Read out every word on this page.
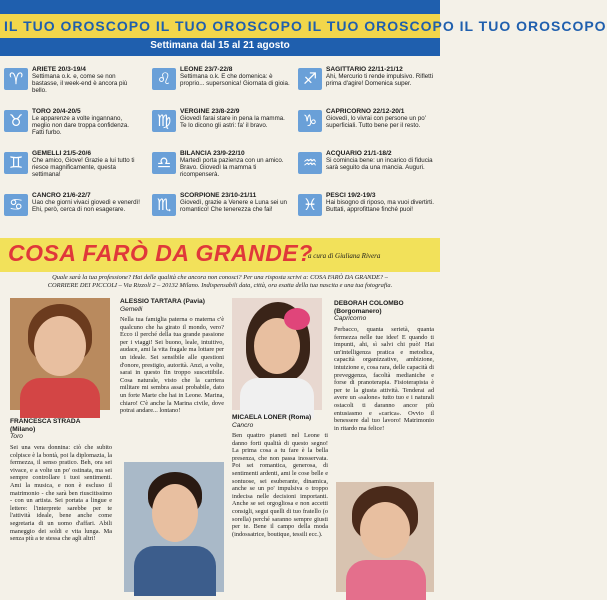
IL TUO OROSCOPO IL TUO OROSCOPO IL TUO OROSCOPO IL TUO OROSCOPO
Settimana dal 15 al 21 agosto
♈	ARIETE 20/3-19/4
Settimana o.k. e, come se non bastasse, il week-end è ancora più bello.
♉	TORO 20/4-20/5
Le apparenze a volte ingannano, meglio non dare troppa confidenza. Fatti furbo.
♊	GEMELLI 21/5-20/6
Che amico, Giove! Grazie a lui tutto ti riesce magnificamente, questa settimana!
♋	CANCRO 21/6-22/7
Uao che giorni vivaci giovedì e venerdì! Ehi, però, cerca di non esagerare.
♌	LEONE 23/7-22/8
Settimana o.k. E che domenica: è proprio... supersonica! Giornata di gioia.
♍	VERGINE 23/8-22/9
Giovedì farai stare in pena la mamma. Te lo dicono gli astri: fa' il bravo.
♎	BILANCIA 23/9-22/10
Martedì porta pazienza con un amico. Bravo. Giovedì la mamma ti ricompenserà.
♏	SCORPIONE 23/10-21/11
Giovedì, grazie a Venere e Luna sei un romantico! Che tenerezza che fai!
♐	SAGITTARIO 22/11-21/12
Ahi, Mercurio ti rende impulsivo. Rifletti prima d'agire! Domenica super.
♑	CAPRICORNO 22/12-20/1
Giovedì, lo vivrai con persone un po' superficiali. Tutto bene per il resto.
♒	ACQUARIO 21/1-18/2
Si comincia bene: un incarico di fiducia sarà seguito da una mancia. Auguri.
♓	PESCI 19/2-19/3
Hai bisogno di riposo, ma vuoi divertirti. Buttati, approfittane finché puoi!
COSA FARÒ DA GRANDE?
a cura di Giuliana Rivera
Quale sarà la tua professione? Hai delle qualità che ancora non conosci? Per una risposta scrivi a: COSA FARÒ DA GRANDE? – CORRIERE DEI PICCOLI – Via Rizzoli 2 – 20132 Milano. Indispensabili data, città, ora esatta della tua nascita e una tua fotografia.
FRANCESCA STRADA
(Milano)
Toro
Sei una vera donnina: ciò che subito colpisce è la bontà, poi la diplomazia, la fermezza, il senso pratico. Beh, ora sei vivace, e a volte un po' ostinata, ma sei sempre controllare i tuoi sentimenti. Ami la musica, e non è escluso il matrimonio - che sarà ben riuscitissimo - con un artista. Sei portata a lingue e lettere: l'interprete sarebbe per te l'attività ideale, bene anche come segretaria di un uomo d'affari. Abili maneggio dei soldi e vita lunga. Ma senza più a te stessa che agli altri!
ALESSIO TARTARA (Pavia)
Gemelli
Nella tua famiglia paterna o materna c'è qualcuno che ha girato il mondo, vero? Ecco il perché della tua grande passione per i viaggi! Sei buono, leale, intuitivo, audace, ami la vita fragale ma lottare per un ideale. Sei sensibile alle questioni d'onore, prestigio, autorità. Anzi, a volte, sarai in questo fin troppo suscettibile. Cosa naturale, visto che la carriera militare mi sembra assai probabile, dato un forte Marte che hai in Leone. Marina, chiaro! C'è anche la Marina civile, dove potrai andare... lontano!
MICAELA LONER (Roma)
Cancro
Ben quattro pianeti nel Leone ti danno forti qualità di questo segno! La prima cosa a tu fare è la bella presenza, che non passa inosservata. Poi sei romantica, generosa, di sentimenti ardenti, ami le cose belle e sontuose, sei esuberante, dinamica, anche se un po' impulsiva o troppo indecisa nelle decisioni importanti. Anche se sei orgogliosa e non accetti consigli, segui quelli di tuo fratello (o sorella) perché saranno sempre giusti per te. Bene il campo della moda (indossatrice, boutique, tessili ecc.).
DEBORAH COLOMBO
(Borgomanero)
Capricorno
Perbacco, quanta serietà, quanta fermezza nelle tue idee! E quando ti impunti, ahi, sì salvi chi può! Hai un'intelligenza pratica e metodica, capacità organizzative, ambizione, intuizione e, cosa rara, delle capacità di preveggenza, facoltà medianiche e forse di pranoterapia. Fisioterapista è per te la giusta attività. Tenderai ad avere un «salone» tutto tuo e i naturali ostacoli ti daranno ancor più entusiasmo e «carica». Ovvio il benessere dal tuo lavoro! Matrimonio in ritardo ma felice!
